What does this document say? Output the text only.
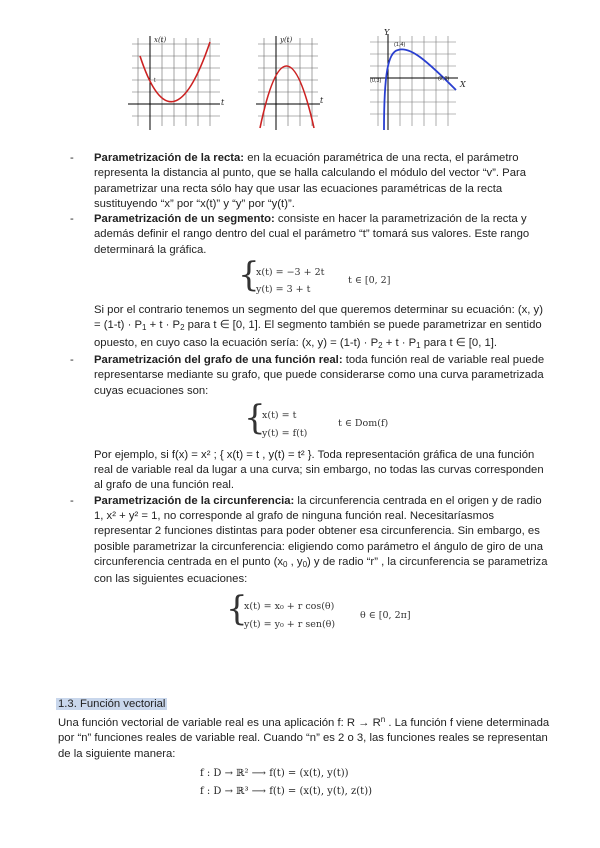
t
x(t)
t
y(t)
t
Y
X
(1,4)
(0,3)	(2,0)
- Parametrización de la recta: en la ecuación paramétrica de una recta, el parámetro representa la distancia al punto, que se halla calculando el módulo del vector “v”. Para parametrizar una recta sólo hay que usar las ecuaciones paramétricas de la recta sustituyendo “x” por “x(t)” y “y” por “y(t)”.
- Parametrización de un segmento: consiste en hacer la parametrización de la recta y además definir el rango dentro del cual el parámetro “t” tomará sus valores. Este rango determinará la gráfica.
{
x(t) = −3 + 2t
y(t) = 3 + t
t ∈ [0, 2]
Si por el contrario tenemos un segmento del que queremos determinar su ecuación: (x, $y) = (1-t) \cdot P_1 + t \cdot P_2$ para t ∈ [0, 1]. El segmento también se puede parametrizar en sentido opuesto, en cuyo caso la ecuación sería: (x, $y) = (1-t) \cdot P_2 + t \cdot P_1$ para t ∈ [0, 1].
- Parametrización del grafo de una función real: toda función real de variable real puede representarse mediante su grafo, que puede considerarse como una curva parametrizada cuyas ecuaciones son:
{
x(t) = t
y(t) = f(t)
t ∈ Dom(f)
Por ejemplo, si f(x) = x² ; { x(t) = t , y(t) = t² }. Toda representación gráfica de una función real de variable real da lugar a una curva; sin embargo, no todas las curvas corresponden al grafo de una función real.
- Parametrización de la circunferencia: la circunferencia centrada en el origen y de radio 1, x² + y² = 1, no corresponde al grafo de ninguna función real. Necesitaríasmos representar 2 funciones distintas para poder obtener esa circunferencia. Sin embargo, es posible parametrizar la circunferencia: eligiendo como parámetro el ángulo de giro de una circunferencia centrada en el punto ($x_0$ , $y_0$) y de radio “r” , la circunferencia se parametriza con las siguientes ecuaciones:
{
x(t) = x₀ + r cos(θ)
y(t) = y₀ + r sen(θ)
θ ∈ [0, 2π]
1.3. Función vectorial
Una función vectorial de variable real es una aplicación f: $R \to R^n$ . La función f viene determinada por “n” funciones reales de variable real. Cuando “n” es 2 o 3, las funciones reales se representan de la siguiente manera:
f : D → ℝ² ⟶ f(t) = (x(t), y(t))
f : D → ℝ³ ⟶ f(t) = (x(t), y(t), z(t))
